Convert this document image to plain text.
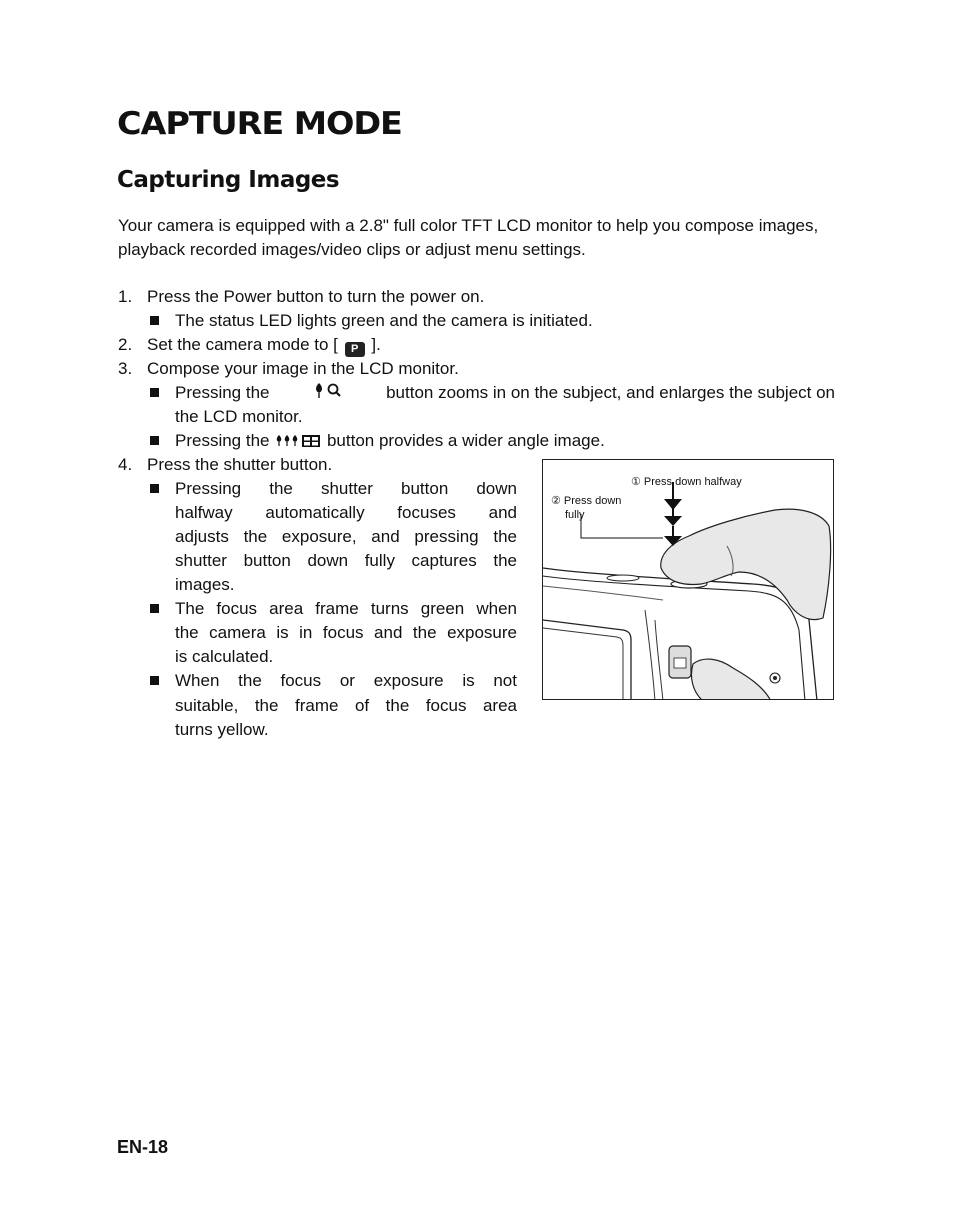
CAPTURE MODE
Capturing Images

Your camera is equipped with a 2.8" full color TFT LCD monitor to help you compose images, playback recorded images/video clips or adjust menu settings.

1. Press the Power button to turn the power on.
The status LED lights green and the camera is initiated.
2. Set the camera mode to [ P ].
3. Compose your image in the LCD monitor.
Pressing the	button zooms in on the subject, and enlarges the subject on
the LCD monitor.
Pressing the	button provides a wider angle image.
4. Press the shutter button.
Pressing the shutter button down
halfway automatically focuses and
adjusts the exposure, and pressing the
shutter button down fully captures the
images.
The focus area frame turns green when
the camera is in focus and the exposure
is calculated.
When the focus or exposure is not
suitable, the frame of the focus area
turns yellow.
① Press down halfway
② Press down
fully

EN-18
